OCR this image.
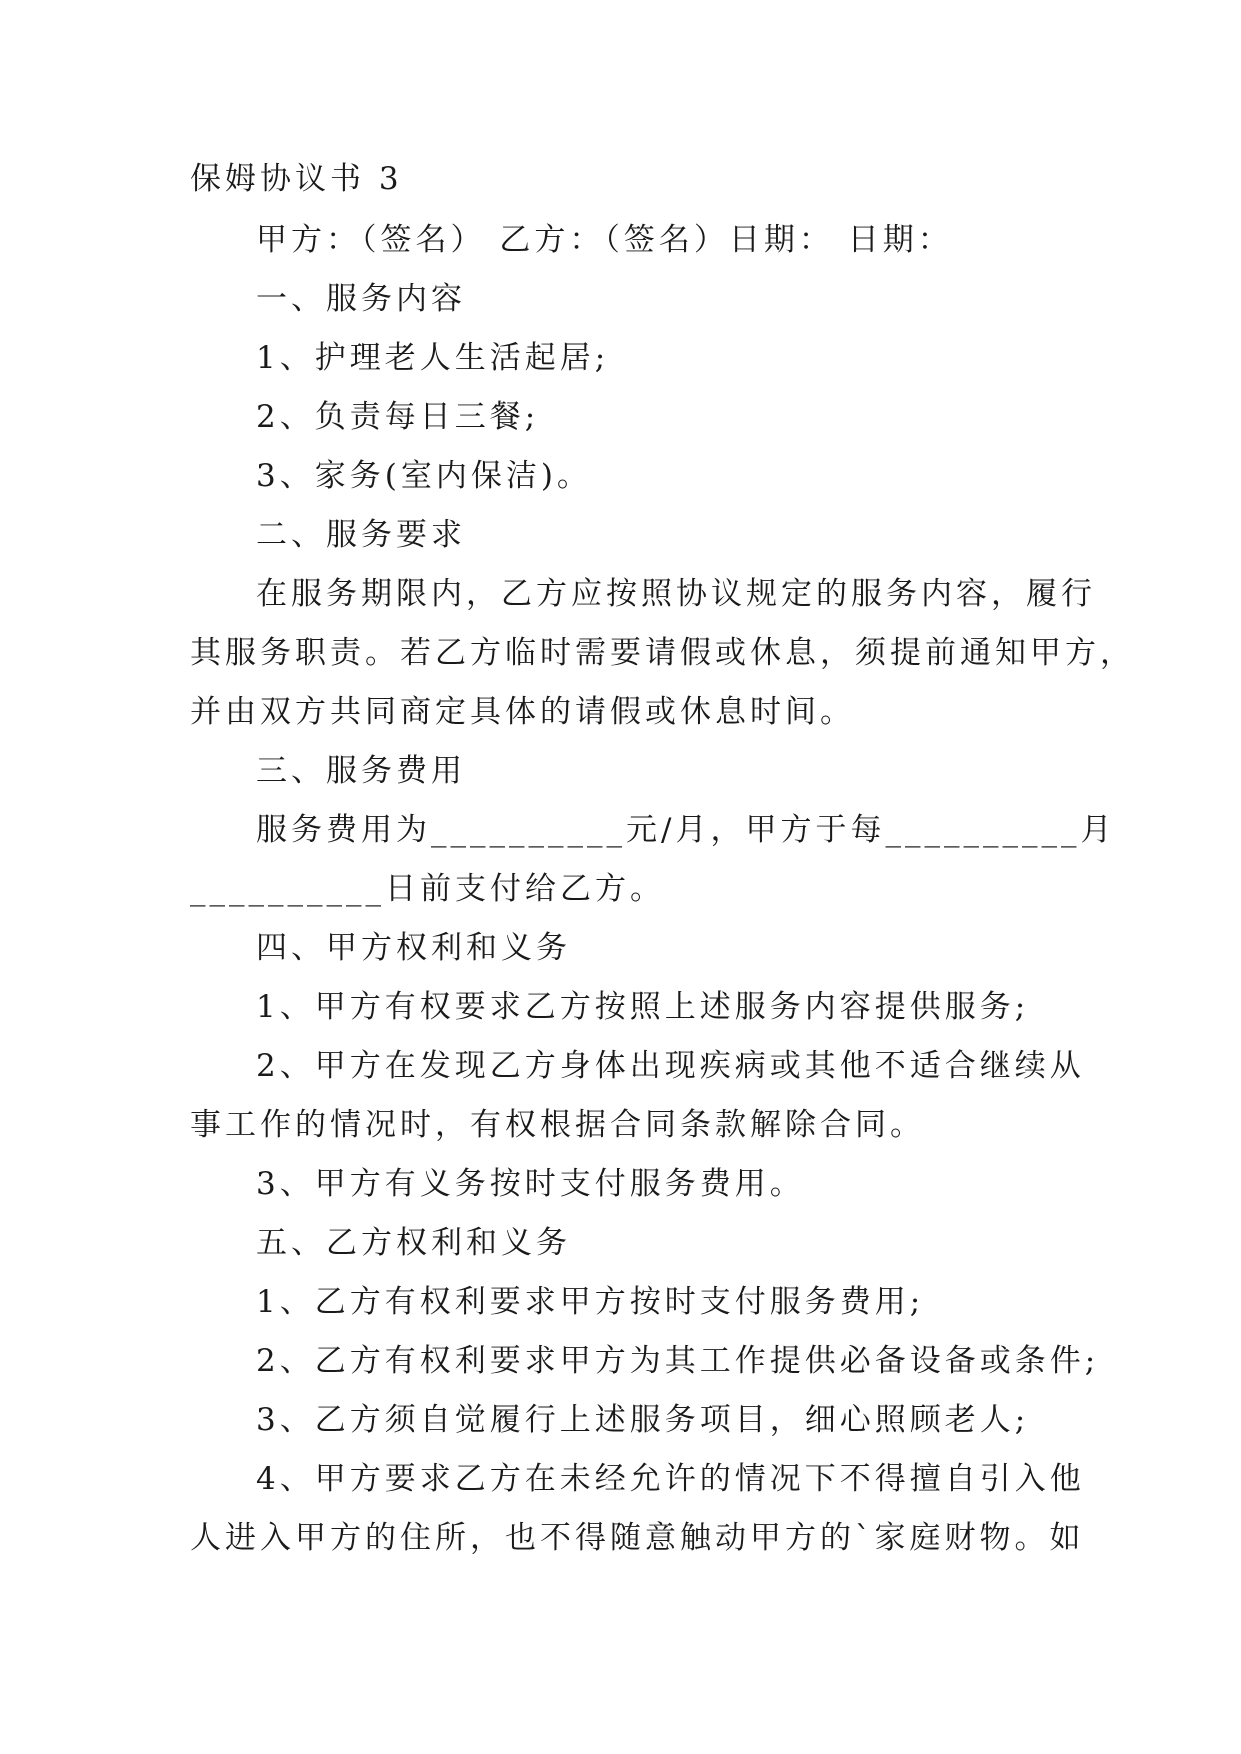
保姆协议书 3
甲方：（签名） 乙方：（签名）日期： 日期：
一、服务内容
1、护理老人生活起居;
2、负责每日三餐;
3、家务(室内保洁)。
二、服务要求
在服务期限内，乙方应按照协议规定的服务内容，履行
其服务职责。若乙方临时需要请假或休息，须提前通知甲方，
并由双方共同商定具体的请假或休息时间。
三、服务费用
服务费用为__________元/月，甲方于每__________月
__________日前支付给乙方。
四、甲方权利和义务
1、甲方有权要求乙方按照上述服务内容提供服务;
2、甲方在发现乙方身体出现疾病或其他不适合继续从
事工作的情况时，有权根据合同条款解除合同。
3、甲方有义务按时支付服务费用。
五、乙方权利和义务
1、乙方有权利要求甲方按时支付服务费用;
2、乙方有权利要求甲方为其工作提供必备设备或条件;
3、乙方须自觉履行上述服务项目，细心照顾老人;
4、甲方要求乙方在未经允许的情况下不得擅自引入他
人进入甲方的住所，也不得随意触动甲方的`家庭财物。如
